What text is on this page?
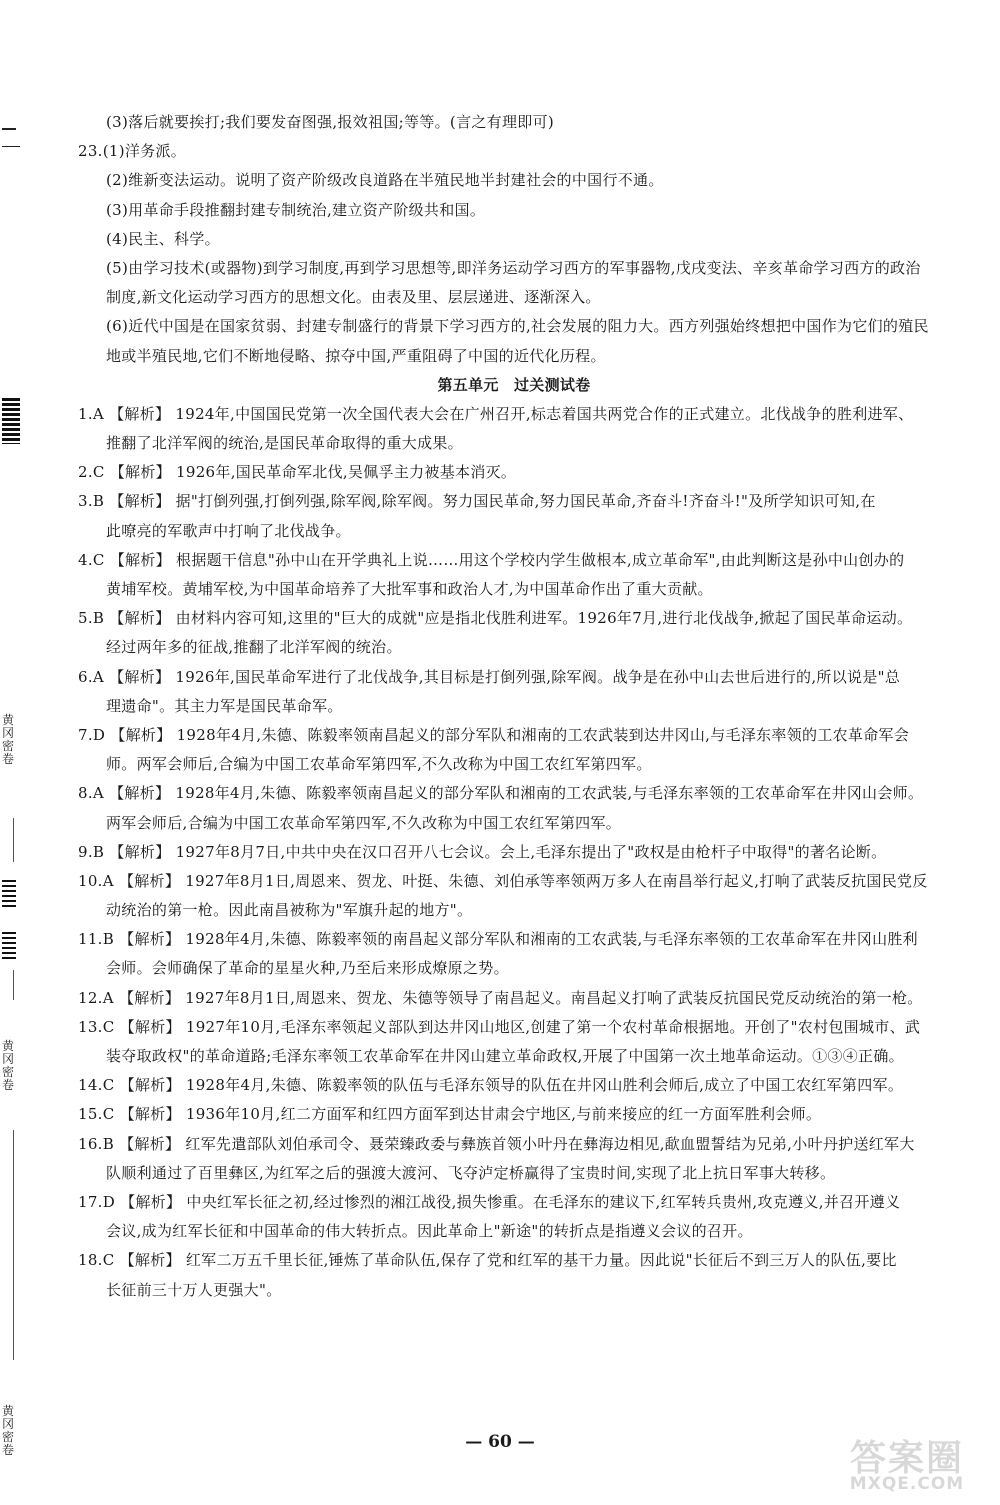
黄冈密卷
黄冈密卷
黄冈密卷
(3)落后就要挨打;我们要发奋图强,报效祖国;等等。(言之有理即可)
23.(1)洋务派。
(2)维新变法运动。说明了资产阶级改良道路在半殖民地半封建社会的中国行不通。
(3)用革命手段推翻封建专制统治,建立资产阶级共和国。
(4)民主、科学。
(5)由学习技术(或器物)到学习制度,再到学习思想等,即洋务运动学习西方的军事器物,戊戌变法、辛亥革命学习西方的政治
制度,新文化运动学习西方的思想文化。由表及里、层层递进、逐渐深入。
(6)近代中国是在国家贫弱、封建专制盛行的背景下学习西方的,社会发展的阻力大。西方列强始终想把中国作为它们的殖民
地或半殖民地,它们不断地侵略、掠夺中国,严重阻碍了中国的近代化历程。
第五单元　过关测试卷
1.A 【解析】 1924年,中国国民党第一次全国代表大会在广州召开,标志着国共两党合作的正式建立。北伐战争的胜利进军、
推翻了北洋军阀的统治,是国民革命取得的重大成果。
2.C 【解析】 1926年,国民革命军北伐,吴佩孚主力被基本消灭。
3.B 【解析】 据"打倒列强,打倒列强,除军阀,除军阀。努力国民革命,努力国民革命,齐奋斗!齐奋斗!"及所学知识可知,在
此嘹亮的军歌声中打响了北伐战争。
4.C 【解析】 根据题干信息"孙中山在开学典礼上说……用这个学校内学生做根本,成立革命军",由此判断这是孙中山创办的
黄埔军校。黄埔军校,为中国革命培养了大批军事和政治人才,为中国革命作出了重大贡献。
5.B 【解析】 由材料内容可知,这里的"巨大的成就"应是指北伐胜利进军。1926年7月,进行北伐战争,掀起了国民革命运动。
经过两年多的征战,推翻了北洋军阀的统治。
6.A 【解析】 1926年,国民革命军进行了北伐战争,其目标是打倒列强,除军阀。战争是在孙中山去世后进行的,所以说是"总
理遗命"。其主力军是国民革命军。
7.D 【解析】 1928年4月,朱德、陈毅率领南昌起义的部分军队和湘南的工农武装到达井冈山,与毛泽东率领的工农革命军会
师。两军会师后,合编为中国工农革命军第四军,不久改称为中国工农红军第四军。
8.A 【解析】 1928年4月,朱德、陈毅率领南昌起义的部分军队和湘南的工农武装,与毛泽东率领的工农革命军在井冈山会师。
两军会师后,合编为中国工农革命军第四军,不久改称为中国工农红军第四军。
9.B 【解析】 1927年8月7日,中共中央在汉口召开八七会议。会上,毛泽东提出了"政权是由枪杆子中取得"的著名论断。
10.A 【解析】 1927年8月1日,周恩来、贺龙、叶挺、朱德、刘伯承等率领两万多人在南昌举行起义,打响了武装反抗国民党反
动统治的第一枪。因此南昌被称为"军旗升起的地方"。
11.B 【解析】 1928年4月,朱德、陈毅率领的南昌起义部分军队和湘南的工农武装,与毛泽东率领的工农革命军在井冈山胜利
会师。会师确保了革命的星星火种,乃至后来形成燎原之势。
12.A 【解析】 1927年8月1日,周恩来、贺龙、朱德等领导了南昌起义。南昌起义打响了武装反抗国民党反动统治的第一枪。
13.C 【解析】 1927年10月,毛泽东率领起义部队到达井冈山地区,创建了第一个农村革命根据地。开创了"农村包围城市、武
装夺取政权"的革命道路;毛泽东率领工农革命军在井冈山建立革命政权,开展了中国第一次土地革命运动。①③④正确。
14.C 【解析】 1928年4月,朱德、陈毅率领的队伍与毛泽东领导的队伍在井冈山胜利会师后,成立了中国工农红军第四军。
15.C 【解析】 1936年10月,红二方面军和红四方面军到达甘肃会宁地区,与前来接应的红一方面军胜利会师。
16.B 【解析】 红军先遣部队刘伯承司令、聂荣臻政委与彝族首领小叶丹在彝海边相见,歃血盟誓结为兄弟,小叶丹护送红军大
队顺利通过了百里彝区,为红军之后的强渡大渡河、飞夺泸定桥赢得了宝贵时间,实现了北上抗日军事大转移。
17.D 【解析】 中央红军长征之初,经过惨烈的湘江战役,损失惨重。在毛泽东的建议下,红军转兵贵州,攻克遵义,并召开遵义
会议,成为红军长征和中国革命的伟大转折点。因此革命上"新途"的转折点是指遵义会议的召开。
18.C 【解析】 红军二万五千里长征,锤炼了革命队伍,保存了党和红军的基干力量。因此说"长征后不到三万人的队伍,要比
长征前三十万人更强大"。
— 60 —	答案圈
MXQE.COM
